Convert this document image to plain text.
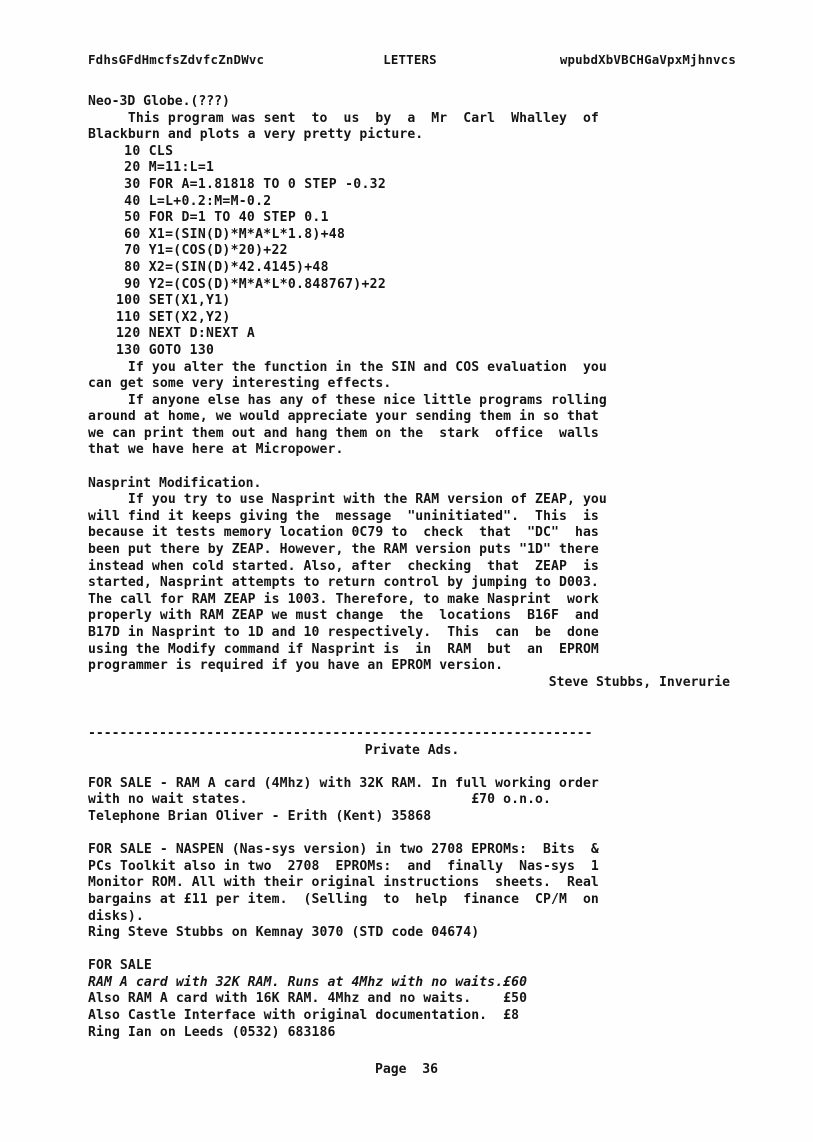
FdhsGFdHmcfsZdvfcZnDWvc	LETTERS	wpubdXbVBCHGaVpxMjhnvcs

Neo-3D Globe.(???)

This program was sent  to  us  by  a  Mr  Carl  Whalley  of
Blackburn and plots a very pretty picture.
10 CLS
20 M=11:L=1
30 FOR A=1.81818 TO 0 STEP -0.32
40 L=L+0.2:M=M-0.2
50 FOR D=1 TO 40 STEP 0.1
60 X1=(SIN(D)*M*A*L*1.8)+48
70 Y1=(COS(D)*20)+22
80 X2=(SIN(D)*42.4145)+48
90 Y2=(COS(D)*M*A*L*0.848767)+22
100 SET(X1,Y1)
110 SET(X2,Y2)
120 NEXT D:NEXT A
130 GOTO 130
If you alter the function in the SIN and COS evaluation  you
can get some very interesting effects.
If anyone else has any of these nice little programs rolling
around at home, we would appreciate your sending them in so that
we can print them out and hang them on the  stark  office  walls
that we have here at Micropower.

Nasprint Modification.

If you try to use Nasprint with the RAM version of ZEAP, you
will find it keeps giving the  message  "uninitiated".  This  is
because it tests memory location 0C79 to  check  that  "DC"  has
been put there by ZEAP. However, the RAM version puts "1D" there
instead when cold started. Also, after  checking  that  ZEAP  is
started, Nasprint attempts to return control by jumping to D003.
The call for RAM ZEAP is 1003. Therefore, to make Nasprint  work
properly with RAM ZEAP we must change  the  locations  B16F  and
B17D in Nasprint to 1D and 10 respectively.  This  can  be  done
using the Modify command if Nasprint is  in  RAM  but  an  EPROM
programmer is required if you have an EPROM version.

Steve Stubbs, Inverurie

----------------------------------------------------------------

Private Ads.

FOR SALE - RAM A card (4Mhz) with 32K RAM. In full working order
with no wait states.                            £70 o.n.o.
Telephone Brian Oliver - Erith (Kent) 35868
FOR SALE - NASPEN (Nas-sys version) in two 2708 EPROMs:  Bits  &
PCs Toolkit also in two  2708  EPROMs:  and  finally  Nas-sys  1
Monitor ROM. All with their original instructions  sheets.  Real
bargains at £11 per item.  (Selling  to  help  finance  CP/M  on
disks).
Ring Steve Stubbs on Kemnay 3070 (STD code 04674)
FOR SALE
RAM A card with 32K RAM. Runs at 4Mhz with no waits.£60
Also RAM A card with 16K RAM. 4Mhz and no waits.    £50
Also Castle Interface with original documentation.  £8
Ring Ian on Leeds (0532) 683186
Page  36
